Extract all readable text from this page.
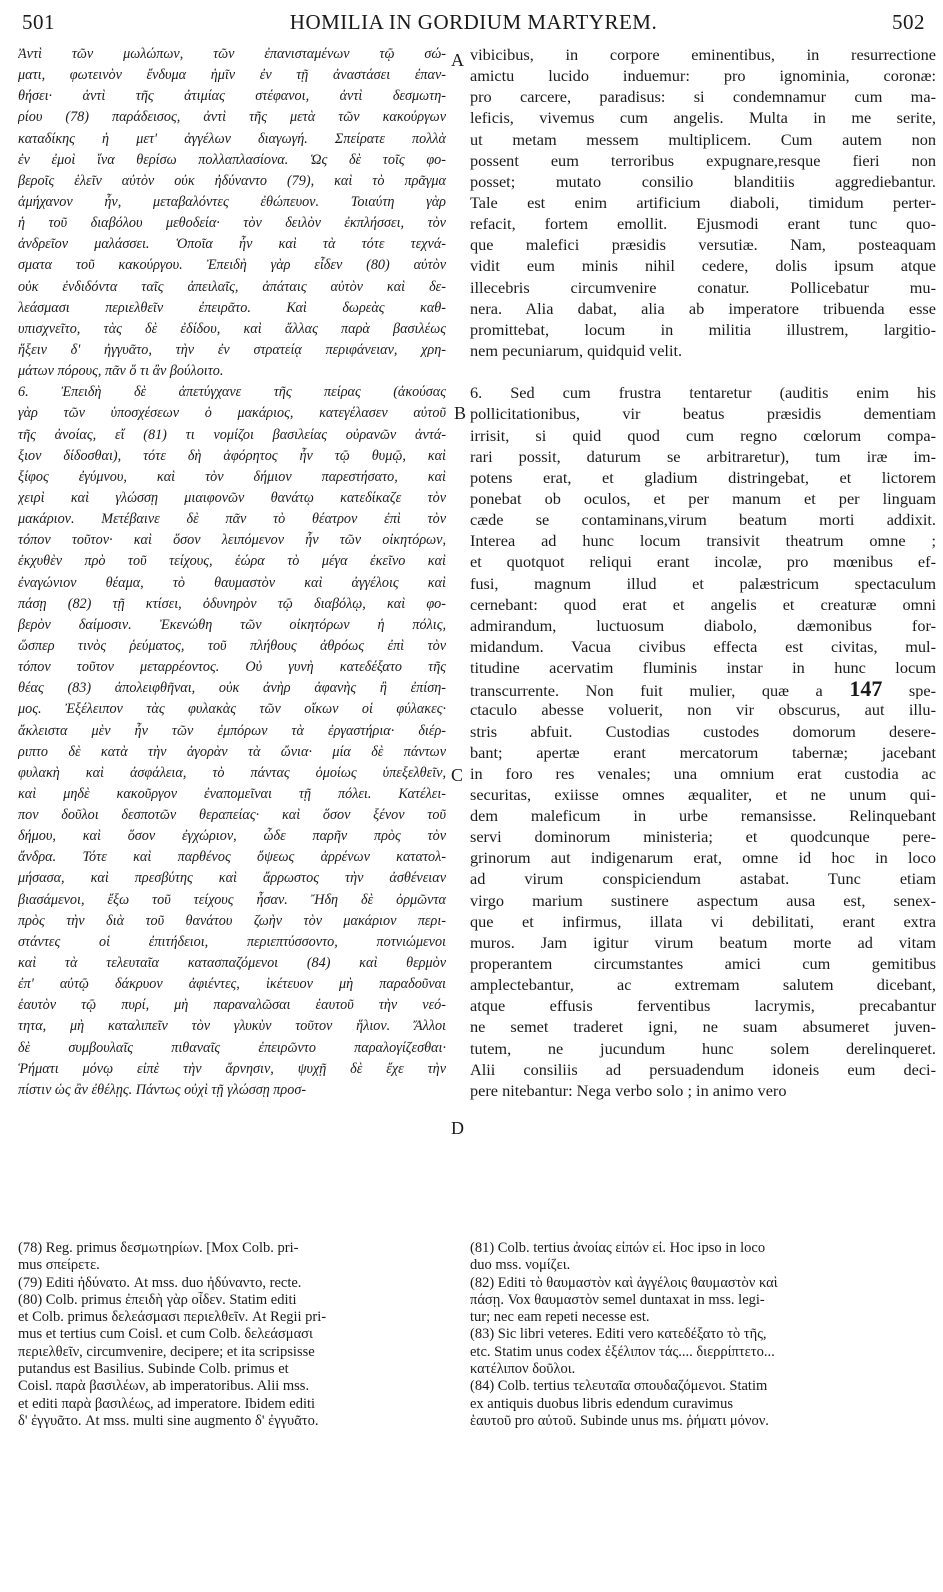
501	HOMILIA IN GORDIUM MARTYREM.	502
Ἀντὶ τῶν μωλώπων, τῶν ἐπανισταμένων τῷ σώ-
ματι, φωτεινὸν ἔνδυμα ἡμῖν ἐν τῇ ἀναστάσει ἐπαν-
θήσει· ἀντὶ τῆς ἀτιμίας στέφανοι, ἀντὶ δεσμωτη-
ρίου (78) παράδεισος, ἀντὶ τῆς μετὰ τῶν κακούργων
καταδίκης ἡ μετ' ἀγγέλων διαγωγή. Σπείρατε πολλὰ
ἐν ἐμοὶ ἵνα θερίσω πολλαπλασίονα. Ὡς δὲ τοῖς φο-
βεροῖς ἑλεῖν αὐτὸν οὐκ ἠδύναντο (79), καὶ τὸ πρᾶγμα
ἀμήχανον ἦν, μεταβαλόντες ἐθώπευον. Τοιαύτη γὰρ
ἡ τοῦ διαβόλου μεθοδεία· τὸν δειλὸν ἐκπλήσσει, τὸν
ἀνδρεῖον μαλάσσει. Ὁποῖα ἦν καὶ τὰ τότε τεχνά-
σματα τοῦ κακούργου. Ἐπειδὴ γὰρ εἶδεν (80) αὐτὸν
οὐκ ἐνδιδόντα ταῖς ἀπειλαῖς, ἀπάταις αὐτὸν καὶ δε-
λεάσμασι περιελθεῖν ἐπειρᾶτο. Καὶ δωρεὰς καθ-
υπισχνεῖτο, τὰς δὲ ἐδίδου, καὶ ἄλλας παρὰ βασιλέως
ἥξειν δ' ἠγγυᾶτο, τὴν ἐν στρατείᾳ περιφάνειαν, χρη-
μάτων πόρους, πᾶν ὅ τι ἂν βούλοιτο.
6. Ἐπειδὴ δὲ ἀπετύγχανε τῆς πείρας (ἀκούσας
γὰρ τῶν ὑποσχέσεων ὁ μακάριος, κατεγέλασεν αὐτοῦ
τῆς ἀνοίας, εἴ (81) τι νομίζοι βασιλείας οὐρανῶν ἀντά-
ξιον δίδοσθαι), τότε δὴ ἀφόρητος ἦν τῷ θυμῷ, καὶ
ξίφος ἐγύμνου, καὶ τὸν δήμιον παρεστήσατο, καὶ
χειρὶ καὶ γλώσσῃ μιαιφονῶν θανάτῳ κατεδίκαζε τὸν
μακάριον. Μετέβαινε δὲ πᾶν τὸ θέατρον ἐπὶ τὸν
τόπον τοῦτον· καὶ ὅσον λειπόμενον ἦν τῶν οἰκητόρων,
ἐκχυθὲν πρὸ τοῦ τείχους, ἑώρα τὸ μέγα ἐκεῖνο καὶ
ἐναγώνιον θέαμα, τὸ θαυμαστὸν καὶ ἀγγέλοις καὶ
πάσῃ (82) τῇ κτίσει, ὀδυνηρὸν τῷ διαβόλῳ, καὶ φο-
βερὸν δαίμοσιν. Ἐκενώθη τῶν οἰκητόρων ἡ πόλις,
ὥσπερ τινὸς ῥεύματος, τοῦ πλήθους ἀθρόως ἐπὶ τὸν
τόπον τοῦτον μεταρρέοντος. Οὐ γυνὴ κατεδέξατο τῆς
θέας (83) ἀπολειφθῆναι, οὐκ ἀνὴρ ἀφανὴς ἢ ἐπίση-
μος. Ἐξέλειπον τὰς φυλακὰς τῶν οἴκων οἱ φύλακες·
ἄκλειστα μὲν ἦν τῶν ἐμπόρων τὰ ἐργαστήρια· διέρ-
ριπτο δὲ κατὰ τὴν ἀγορὰν τὰ ὤνια· μία δὲ πάντων
φυλακὴ καὶ ἀσφάλεια, τὸ πάντας ὁμοίως ὑπεξελθεῖν,
καὶ μηδὲ κακοῦργον ἐναπομεῖναι τῇ πόλει. Κατέλει-
πον δοῦλοι δεσποτῶν θεραπείας· καὶ ὅσον ξένον τοῦ
δήμου, καὶ ὅσον ἐγχώριον, ὧδε παρῆν πρὸς τὸν
ἄνδρα. Τότε καὶ παρθένος ὄψεως ἀρρένων κατατολ-
μήσασα, καὶ πρεσβύτης καὶ ἄρρωστος τὴν ἀσθένειαν
βιασάμενοι, ἔξω τοῦ τείχους ἦσαν. Ἤδη δὲ ὁρμῶντα
πρὸς τὴν διὰ τοῦ θανάτου ζωὴν τὸν μακάριον περι-
στάντες οἱ ἐπιτήδειοι, περιεπτύσσοντο, ποτνιώμενοι
καὶ τὰ τελευταῖα κατασπαζόμενοι (84) καὶ θερμὸν
ἐπ' αὐτῷ δάκρυον ἀφιέντες, ἱκέτευον μὴ παραδοῦναι
ἑαυτὸν τῷ πυρί, μὴ παραναλῶσαι ἑαυτοῦ τὴν νεό-
τητα, μὴ καταλιπεῖν τὸν γλυκὺν τοῦτον ἥλιον. Ἄλλοι
δὲ συμβουλαῖς πιθαναῖς ἐπειρῶντο παραλογίζεσθαι·
Ῥήματι μόνῳ εἰπὲ τὴν ἄρνησιν, ψυχῇ δὲ ἔχε τὴν
πίστιν ὡς ἂν ἐθέλῃς. Πάντως οὐχὶ τῇ γλώσσῃ προσ-
A
B
C
D
vibicibus, in corpore eminentibus, in resurrectione
amictu lucido induemur: pro ignominia, coronæ:
pro carcere, paradisus: si condemnamur cum ma-
leficis, vivemus cum angelis. Multa in me serite,
ut metam messem multiplicem. Cum autem non
possent eum terroribus expugnare,resque fieri non
posset; mutato consilio blanditiis aggrediebantur.
Tale est enim artificium diaboli, timidum perter-
refacit, fortem emollit. Ejusmodi erant tunc quo-
que malefici præsidis versutiæ. Nam, posteaquam
vidit eum minis nihil cedere, dolis ipsum atque
illecebris circumvenire conatur. Pollicebatur mu-
nera. Alia dabat, alia ab imperatore tribuenda esse
promittebat, locum in militia illustrem, largitio-
nem pecuniarum, quidquid velit.
6. Sed cum frustra tentaretur (auditis enim his
pollicitationibus, vir beatus præsidis dementiam
irrisit, si quid quod cum regno cœlorum compa-
rari possit, daturum se arbitraretur), tum iræ im-
potens erat, et gladium distringebat, et lictorem
ponebat ob oculos, et per manum et per linguam
cæde se contaminans,virum beatum morti addixit.
Interea ad hunc locum transivit theatrum omne ;
et quotquot reliqui erant incolæ, pro mœnibus ef-
fusi, magnum illud et palæstricum spectaculum
cernebant: quod erat et angelis et creaturæ omni
admirandum, luctuosum diabolo, dæmonibus for-
midandum. Vacua civibus effecta est civitas, mul-
titudine acervatim fluminis instar in hunc locum
transcurrente. Non fuit mulier, quæ a 147 spe-
ctaculo abesse voluerit, non vir obscurus, aut illu-
stris abfuit. Custodias custodes domorum desere-
bant; apertæ erant mercatorum tabernæ; jacebant
in foro res venales; una omnium erat custodia ac
securitas, exiisse omnes æqualiter, et ne unum qui-
dem maleficum in urbe remansisse. Relinquebant
servi dominorum ministeria; et quodcunque pere-
grinorum aut indigenarum erat, omne id hoc in loco
ad virum conspiciendum astabat. Tunc etiam
virgo marium sustinere aspectum ausa est, senex-
que et infirmus, illata vi debilitati, erant extra
muros. Jam igitur virum beatum morte ad vitam
properantem circumstantes amici cum gemitibus
amplectebantur, ac extremam salutem dicebant,
atque effusis ferventibus lacrymis, precabantur
ne semet traderet igni, ne suam absumeret juven-
tutem, ne jucundum hunc solem derelinqueret.
Alii consiliis ad persuadendum idoneis eum deci-
pere nitebantur: Nega verbo solo ; in animo vero
(78) Reg. primus δεσμωτηρίων. [Mox Colb. pri-
mus σπείρετε.
(79) Editi ἠδύνατο. At mss. duo ἠδύναντο, recte.
(80) Colb. primus ἐπειδὴ γὰρ οἶδεν. Statim editi
et Colb. primus δελεάσμασι περιελθεῖν. At Regii pri-
mus et tertius cum Coisl. et cum Colb. δελεάσμασι
περιελθεῖν, circumvenire, decipere; et ita scripsisse
putandus est Basilius. Subinde Colb. primus et
Coisl. παρὰ βασιλέων, ab imperatoribus. Alii mss.
et editi παρὰ βασιλέως, ad imperatore. Ibidem editi
δ' ἐγγυᾶτο. At mss. multi sine augmento δ' ἐγγυᾶτο.
(81) Colb. tertius ἀνοίας εἰπών εἰ. Hoc ipso in loco
duo mss. νομίζει.
(82) Editi τὸ θαυμαστὸν καὶ ἀγγέλοις θαυμαστὸν καὶ
πάσῃ. Vox θαυμαστὸν semel duntaxat in mss. legi-
tur; nec eam repeti necesse est.
(83) Sic libri veteres. Editi vero κατεδέξατο τὸ τῆς,
etc. Statim unus codex ἐξέλιπον τάς.... διερρίπτετο...
κατέλιπον δοῦλοι.
(84) Colb. tertius τελευταῖα σπουδαζόμενοι. Statim
ex antiquis duobus libris edendum curavimus
ἑαυτοῦ pro αὐτοῦ. Subinde unus ms. ῥήματι μόνον.
